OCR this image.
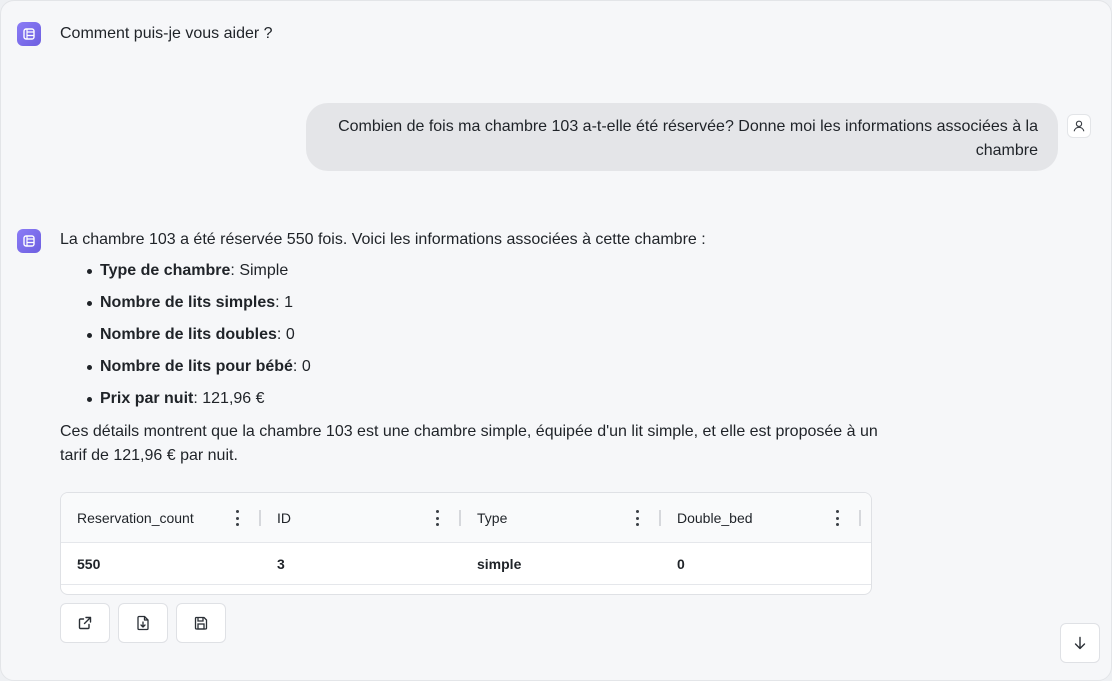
Comment puis-je vous aider ?
Combien de fois ma chambre 103 a-t-elle été réservée? Donne moi les informations associées à la chambre
La chambre 103 a été réservée 550 fois. Voici les informations associées à cette chambre :
Type de chambre: Simple
Nombre de lits simples: 1
Nombre de lits doubles: 0
Nombre de lits pour bébé: 0
Prix par nuit: 121,96 €
Ces détails montrent que la chambre 103 est une chambre simple, équipée d'un lit simple, et elle est proposée à un tarif de 121,96 € par nuit.
Reservation_count	ID	Type	Double_bed
550	3	simple	0
